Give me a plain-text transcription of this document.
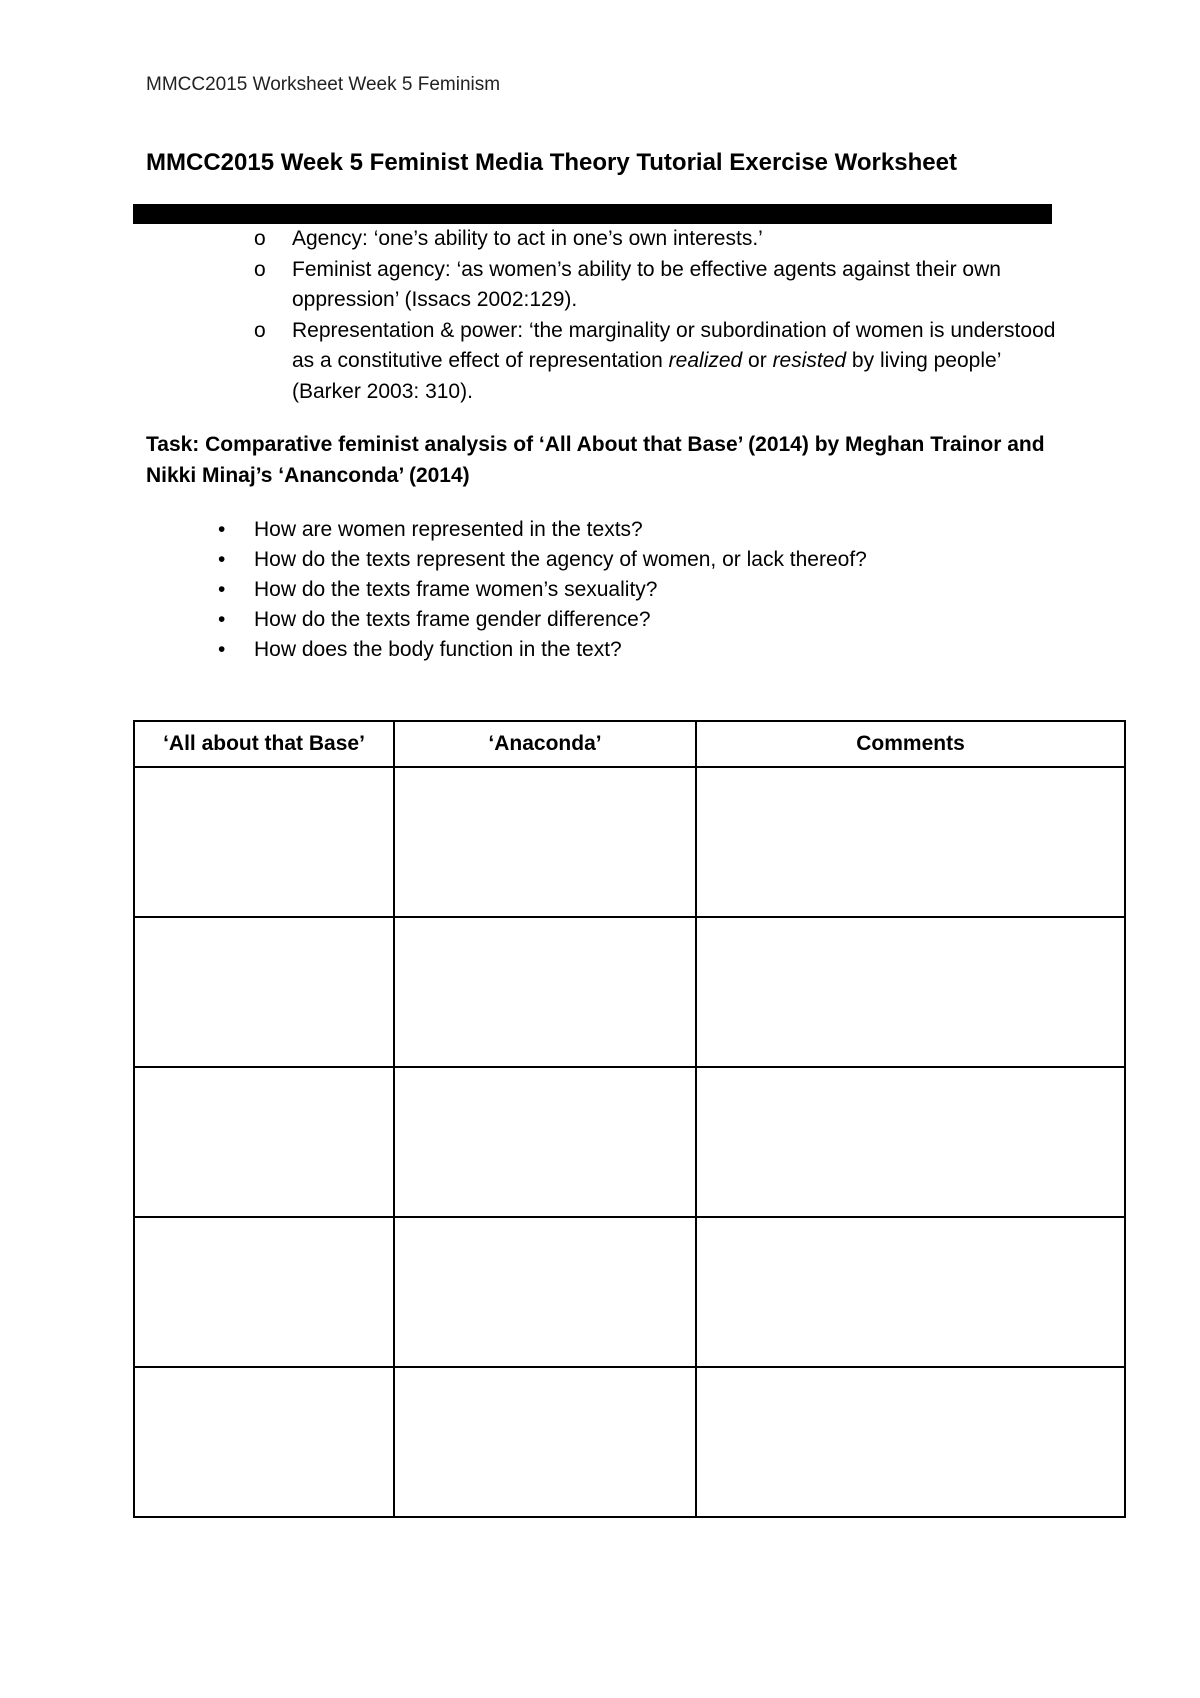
MMCC2015 Worksheet Week 5 Feminism
MMCC2015 Week 5 Feminist Media Theory Tutorial Exercise Worksheet
o Agency: ‘one’s ability to act in one’s own interests.’
o Feminist agency: ‘as women’s ability to be effective agents against their own oppression’ (Issacs 2002:129).
o Representation & power: ‘the marginality or subordination of women is understood as a constitutive effect of representation realized or resisted by living people’ (Barker 2003: 310).
Task: Comparative feminist analysis of ‘All About that Base’ (2014) by Meghan Trainor and Nikki Minaj’s ‘Ananconda’ (2014)
• How are women represented in the texts?
• How do the texts represent the agency of women, or lack thereof?
• How do the texts frame women’s sexuality?
• How do the texts frame gender difference?
• How does the body function in the text?
‘All about that Base’	‘Anaconda’	Comments
